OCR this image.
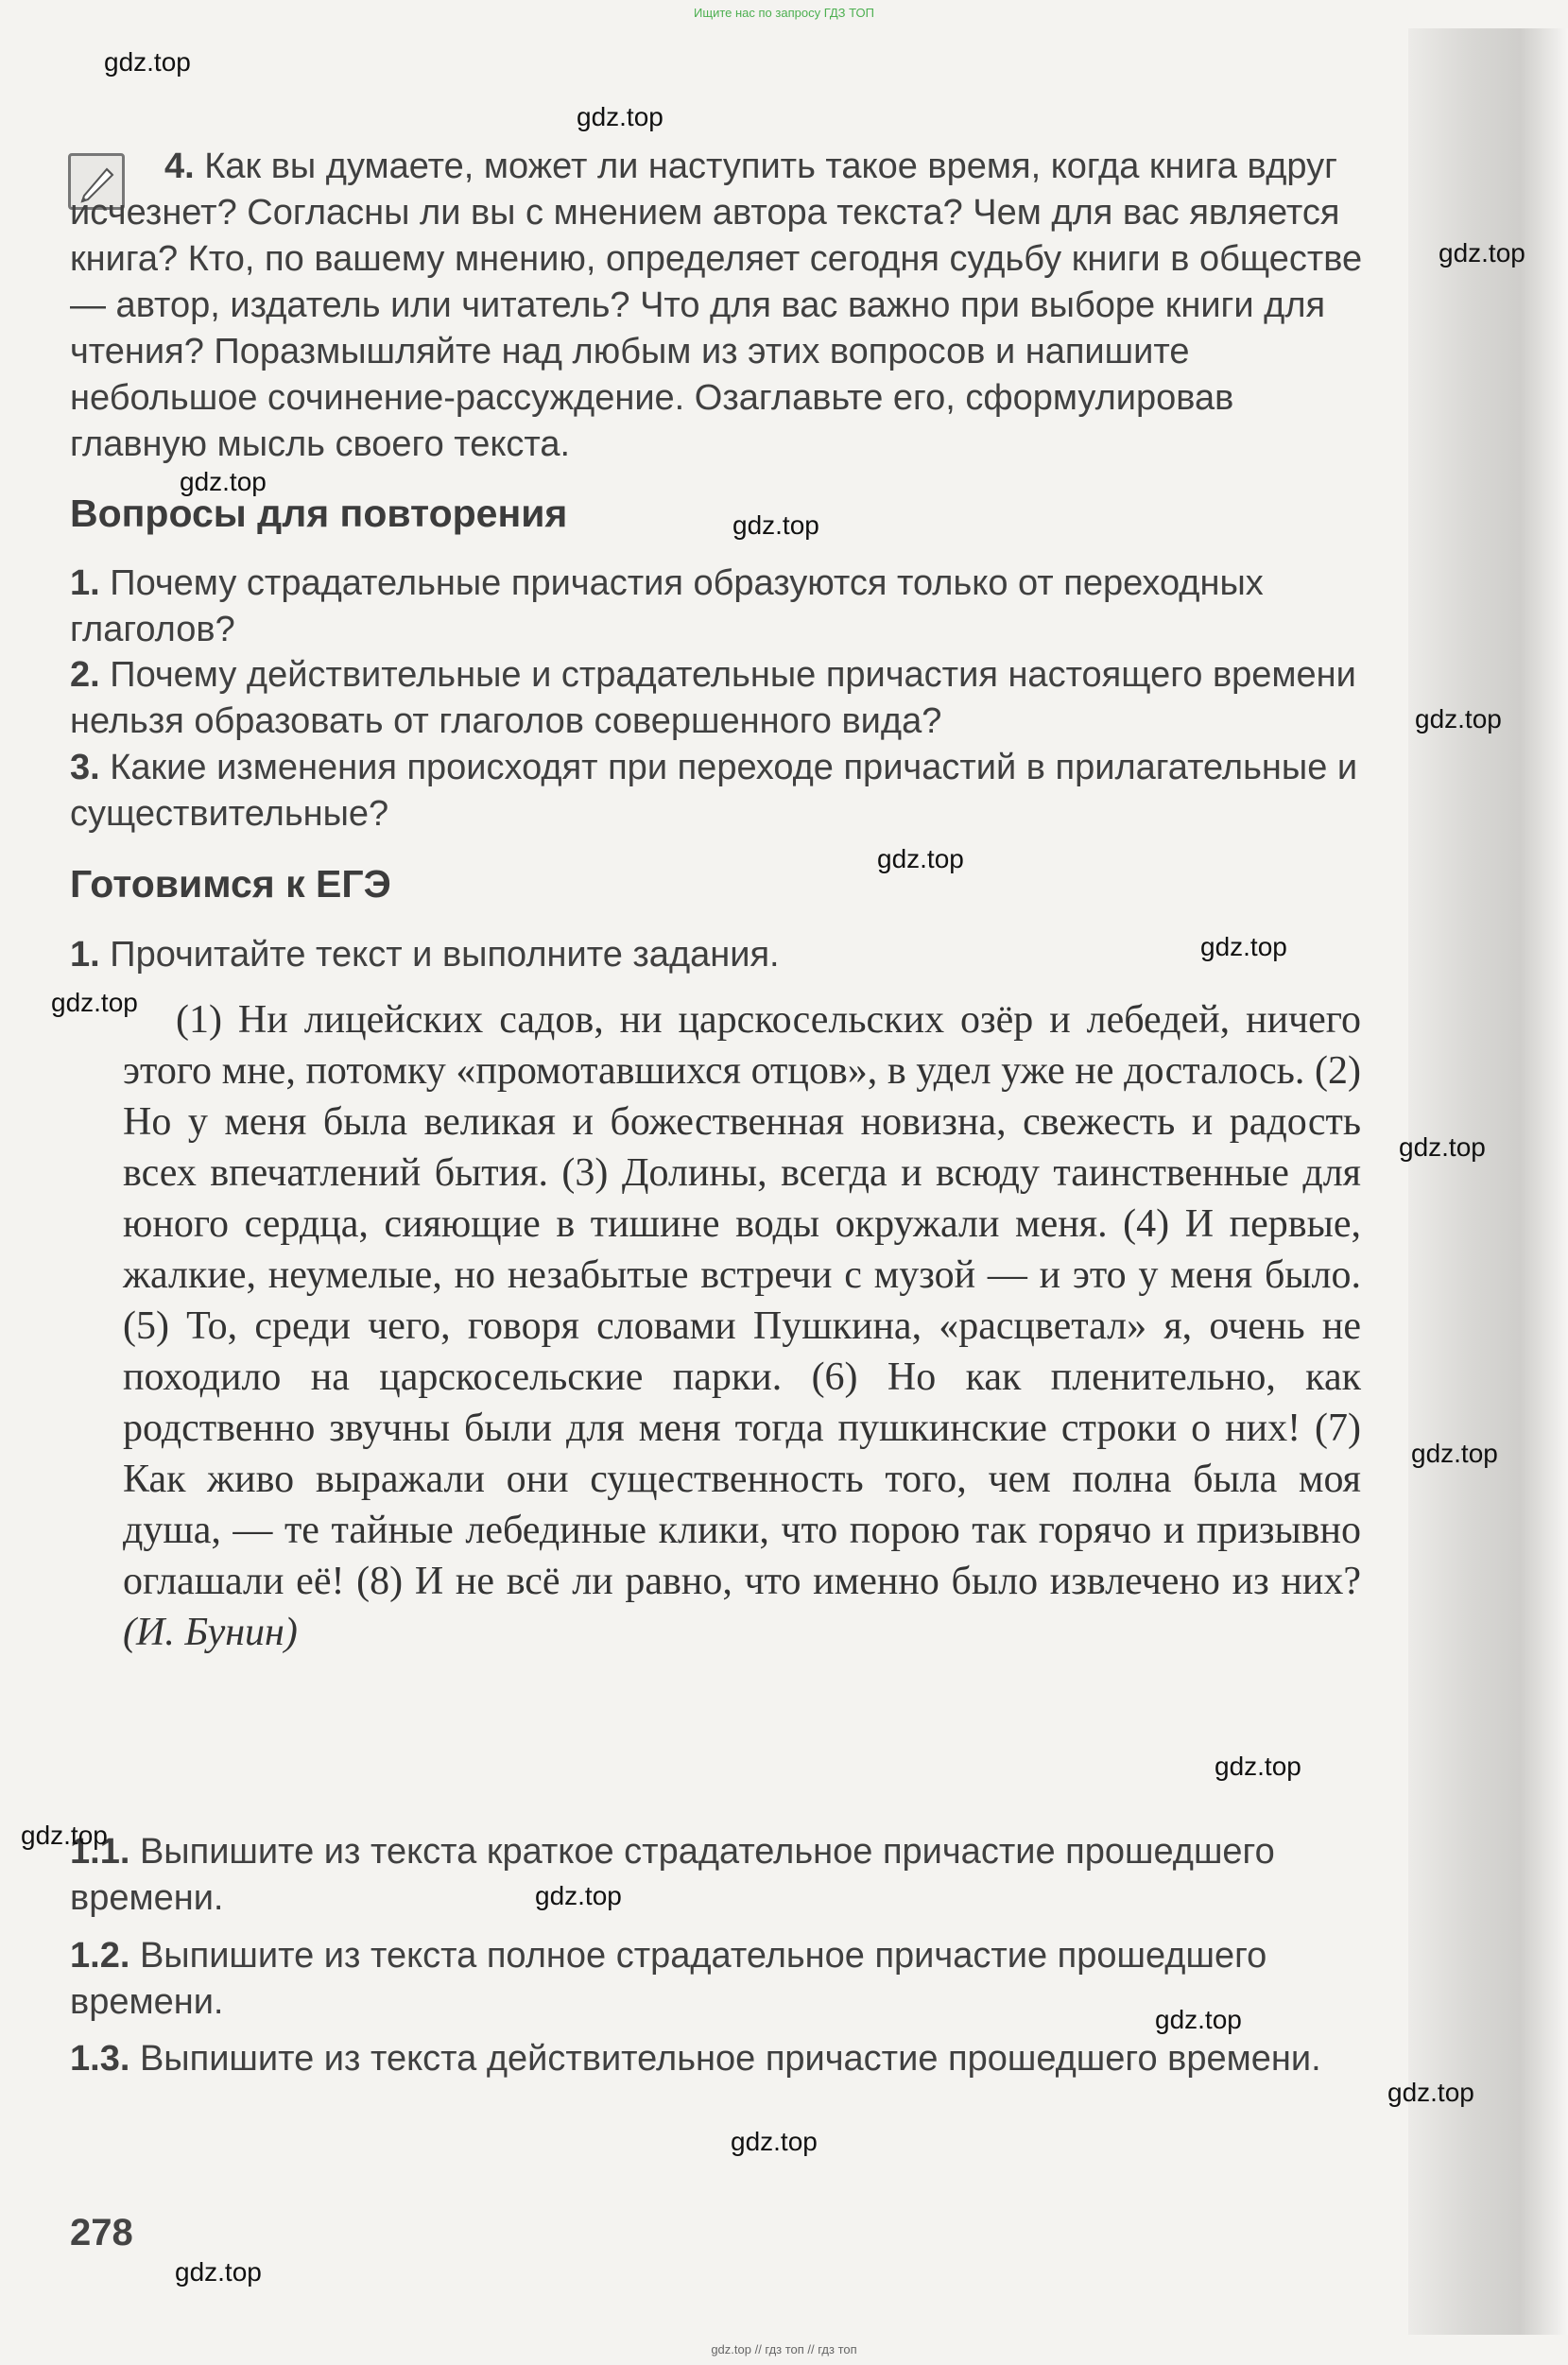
Ищите нас по запросу ГДЗ ТОП
4. Как вы думаете, может ли наступить такое время, когда книга вдруг исчезнет? Согласны ли вы с мнением автора текста? Чем для вас является книга? Кто, по вашему мнению, определяет сегодня судьбу книги в обществе — автор, издатель или читатель? Что для вас важно при выборе книги для чтения? Поразмышляйте над любым из этих вопросов и напишите небольшое сочинение-рассуждение. Озаглавьте его, сформулировав главную мысль своего текста.
Вопросы для повторения
1. Почему страдательные причастия образуются только от переходных глаголов?
2. Почему действительные и страдательные причастия настоящего времени нельзя образовать от глаголов совершенного вида?
3. Какие изменения происходят при переходе причастий в прилагательные и существительные?
Готовимся к ЕГЭ
1. Прочитайте текст и выполните задания.

(1) Ни лицейских садов, ни царскосельских озёр и лебедей, ничего этого мне, потомку «промотавшихся отцов», в удел уже не досталось. (2) Но у меня была великая и божественная новизна, свежесть и радость всех впечатлений бытия. (3) Долины, всегда и всюду таинственные для юного сердца, сияющие в тишине воды окружали меня. (4) И первые, жалкие, неумелые, но незабытые встречи с музой — и это у меня было. (5) То, среди чего, говоря словами Пушкина, «расцветал» я, очень не походило на царскосельские парки. (6) Но как пленительно, как родственно звучны были для меня тогда пушкинские строки о них! (7) Как живо выражали они существенность того, чем полна была моя душа, — те тайные лебединые клики, что порою так горячо и призывно оглашали её! (8) И не всё ли равно, что именно было извлечено из них? (И. Бунин)

1.1. Выпишите из текста краткое страдательное причастие прошедшего времени.
1.2. Выпишите из текста полное страдательное причастие прошедшего времени.
1.3. Выпишите из текста действительное причастие прошедшего времени.
278
gdz.top
gdz.top
gdz.top
gdz.top
gdz.top
gdz.top
gdz.top
gdz.top
gdz.top
gdz.top
gdz.top
gdz.top
gdz.top
gdz.top
gdz.top
gdz.top
gdz.top
gdz.top
gdz.top // гдз топ // гдз топ
